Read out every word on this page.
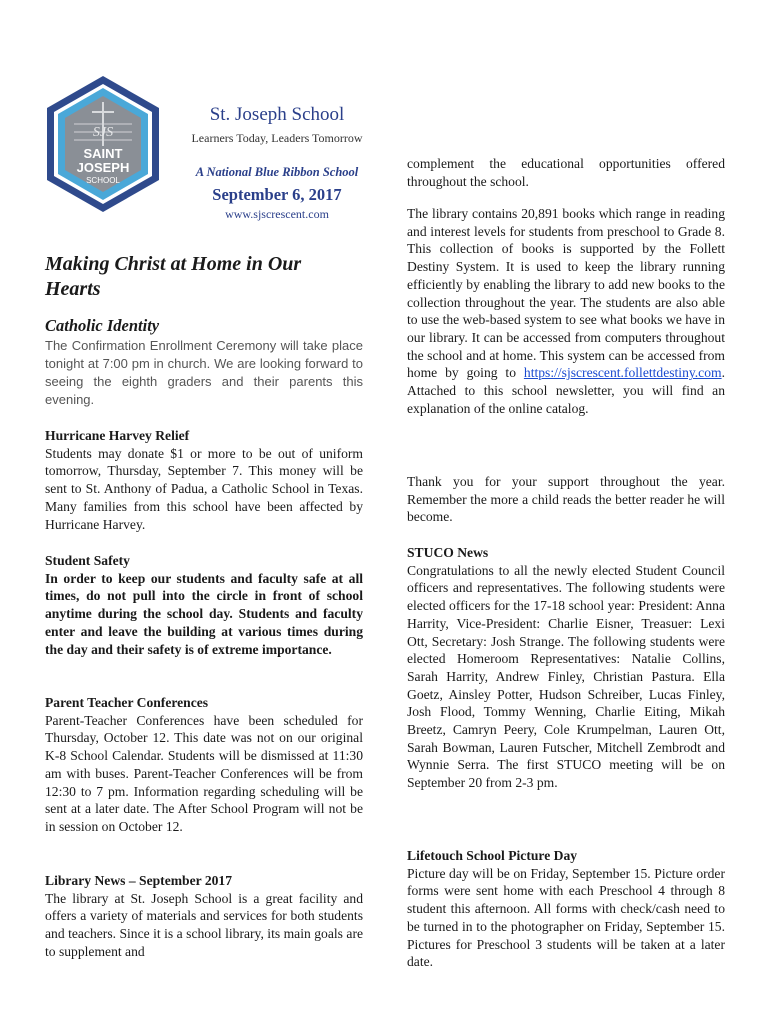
SJS
SAINT
JOSEPH
SCHOOL
St. Joseph School
Learners Today, Leaders Tomorrow
A National Blue Ribbon School
September 6, 2017
www.sjscrescent.com
Making Christ at Home in Our Hearts
Catholic Identity

The Confirmation Enrollment Ceremony will take place tonight at 7:00 pm in church. We are looking forward to seeing the eighth graders and their parents this evening.

Hurricane Harvey Relief

Students may donate $1 or more to be out of uniform tomorrow, Thursday, September 7. This money will be sent to St. Anthony of Padua, a Catholic School in Texas. Many families from this school have been affected by Hurricane Harvey.

Student Safety

In order to keep our students and faculty safe at all times, do not pull into the circle in front of school anytime during the school day. Students and faculty enter and leave the building at various times during the day and their safety is of extreme importance.

Parent Teacher Conferences

Parent-Teacher Conferences have been scheduled for Thursday, October 12. This date was not on our original K-8 School Calendar. Students will be dismissed at 11:30 am with buses. Parent-Teacher Conferences will be from 12:30 to 7 pm. Information regarding scheduling will be sent at a later date. The After School Program will not be in session on October 12.

Library News – September 2017

The library at St. Joseph School is a great facility and offers a variety of materials and services for both students and teachers. Since it is a school library, its main goals are to supplement and

complement the educational opportunities offered throughout the school.

The library contains 20,891 books which range in reading and interest levels for students from preschool to Grade 8. This collection of books is supported by the Follett Destiny System. It is used to keep the library running efficiently by enabling the library to add new books to the collection throughout the year. The students are also able to use the web-based system to see what books we have in our library. It can be accessed from computers throughout the school and at home. This system can be accessed from home by going to https://sjscrescent.follettdestiny.com. Attached to this school newsletter, you will find an explanation of the online catalog.

Thank you for your support throughout the year. Remember the more a child reads the better reader he will become.

STUCO News

Congratulations to all the newly elected Student Council officers and representatives. The following students were elected officers for the 17-18 school year: President: Anna Harrity, Vice-President: Charlie Eisner, Treasuer: Lexi Ott, Secretary: Josh Strange. The following students were elected Homeroom Representatives: Natalie Collins, Sarah Harrity, Andrew Finley, Christian Pastura. Ella Goetz, Ainsley Potter, Hudson Schreiber, Lucas Finley, Josh Flood, Tommy Wenning, Charlie Eiting, Mikah Breetz, Camryn Peery, Cole Krumpelman, Lauren Ott, Sarah Bowman, Lauren Futscher, Mitchell Zembrodt and Wynnie Serra. The first STUCO meeting will be on September 20 from 2-3 pm.

Lifetouch School Picture Day

Picture day will be on Friday, September 15. Picture order forms were sent home with each Preschool 4 through 8 student this afternoon. All forms with check/cash need to be turned in to the photographer on Friday, September 15. Pictures for Preschool 3 students will be taken at a later date.
